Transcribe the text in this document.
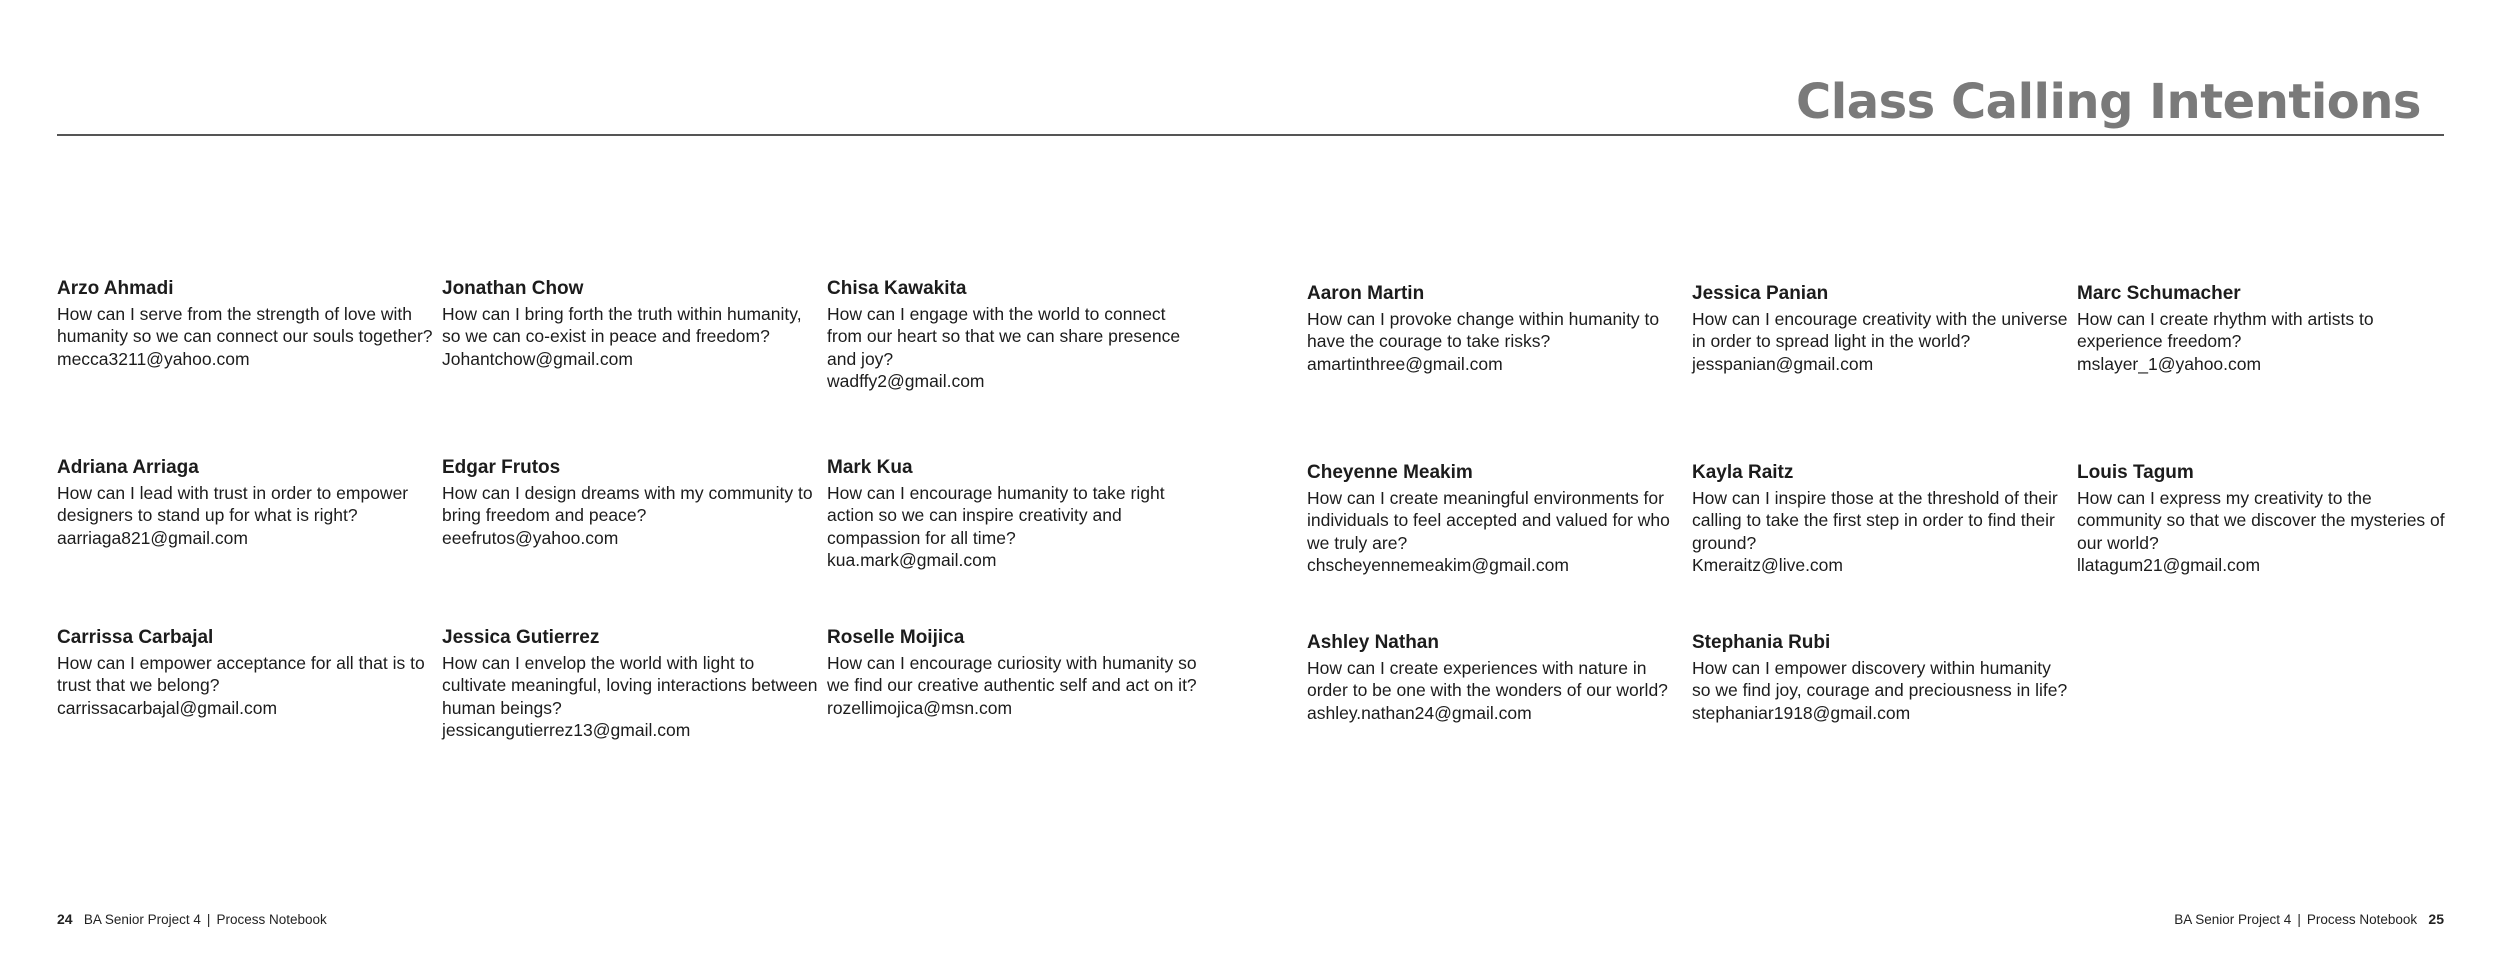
Class Calling Intentions
Arzo Ahmadi
How can I serve from the strength of love with humanity so we can connect our souls together?
mecca3211@yahoo.com
Jonathan Chow
How can I bring forth the truth within humanity, so we can co-exist in peace and freedom?
Johantchow@gmail.com
Chisa Kawakita
How can I engage with the world to connect from our heart so that we can share presence and joy?
wadffy2@gmail.com
Adriana Arriaga
How can I lead with trust in order to empower designers to stand up for what is right?
aarriaga821@gmail.com
Edgar Frutos
How can I design dreams with my community to bring freedom and peace?
eeefrutos@yahoo.com
Mark Kua
How can I encourage humanity to take right action so we can inspire creativity and compassion for all time?
kua.mark@gmail.com
Carrissa Carbajal
How can I empower acceptance for all that is to trust that we belong?
carrissacarbajal@gmail.com
Jessica Gutierrez
How can I envelop the world with light to cultivate meaningful, loving interactions between human beings?
jessicangutierrez13@gmail.com
Roselle Moijica
How can I encourage curiosity with humanity so we find our creative authentic self and act on it?
rozellimojica@msn.com
Aaron Martin
How can I provoke change within humanity to have the courage to take risks?
amartinthree@gmail.com
Jessica Panian
How can I encourage creativity with the universe in order to spread light in the world?
jesspanian@gmail.com
Marc Schumacher
How can I create rhythm with artists to experience freedom?
mslayer_1@yahoo.com
Cheyenne Meakim
How can I create meaningful environments for individuals to feel accepted and valued for who we truly are?
chscheyennemeakim@gmail.com
Kayla Raitz
How can I inspire those at the threshold of their calling to take the first step in order to find their ground?
Kmeraitz@live.com
Louis Tagum
How can I express my creativity to the community so that we discover the mysteries of our world?
llatagum21@gmail.com
Ashley Nathan
How can I create experiences with nature in order to be one with the wonders of our world?
ashley.nathan24@gmail.com
Stephania Rubi
How can I empower discovery within humanity so we find joy, courage and preciousness in life?
stephaniar1918@gmail.com
24 BA Senior Project 4 | Process Notebook	BA Senior Project 4 | Process Notebook 25
